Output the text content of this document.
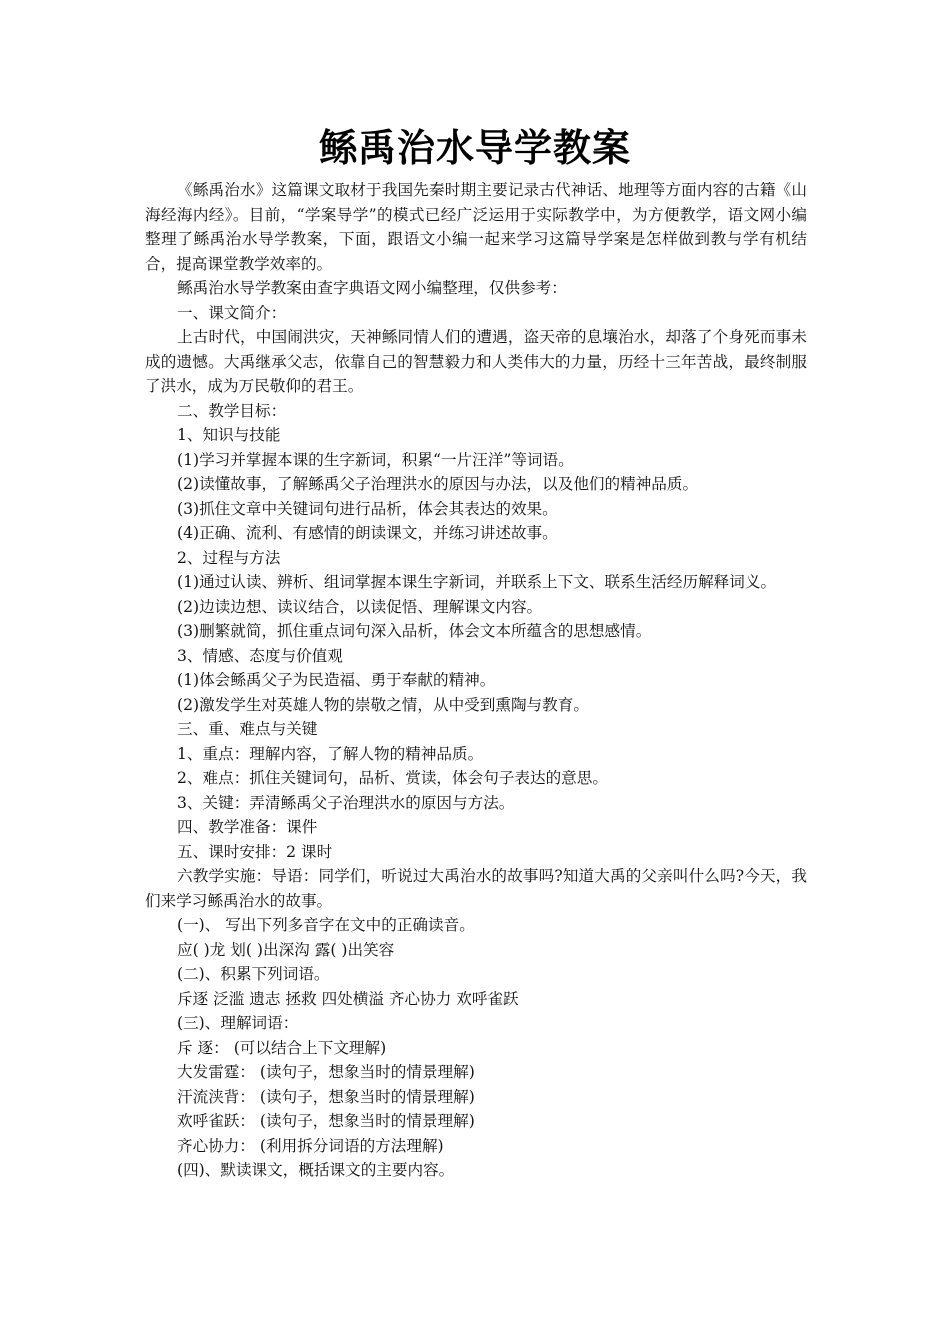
鲧禹治水导学教案

《鲧禹治水》这篇课文取材于我国先秦时期主要记录古代神话、地理等方面内容的古籍《山海经海内经》。目前，“学案导学”的模式已经广泛运用于实际教学中，为方便教学，语文网小编整理了鲧禹治水导学教案，下面，跟语文小编一起来学习这篇导学案是怎样做到教与学有机结合，提高课堂教学效率的。

鲧禹治水导学教案由查字典语文网小编整理，仅供参考：

一、课文简介：

上古时代，中国闹洪灾，天神鲧同情人们的遭遇，盗天帝的息壤治水，却落了个身死而事未成的遗憾。大禹继承父志，依靠自己的智慧毅力和人类伟大的力量，历经十三年苦战，最终制服了洪水，成为万民敬仰的君王。

二、教学目标：

1、知识与技能

(1)学习并掌握本课的生字新词，积累“一片汪洋”等词语。

(2)读懂故事，了解鲧禹父子治理洪水的原因与办法，以及他们的精神品质。

(3)抓住文章中关键词句进行品析，体会其表达的效果。

(4)正确、流利、有感情的朗读课文，并练习讲述故事。

2、过程与方法

(1)通过认读、辨析、组词掌握本课生字新词，并联系上下文、联系生活经历解释词义。

(2)边读边想、读议结合，以读促悟、理解课文内容。

(3)删繁就简，抓住重点词句深入品析，体会文本所蕴含的思想感情。

3、情感、态度与价值观

(1)体会鲧禹父子为民造福、勇于奉献的精神。

(2)激发学生对英雄人物的崇敬之情，从中受到熏陶与教育。

三、重、难点与关键

1、重点：理解内容，了解人物的精神品质。

2、难点：抓住关键词句，品析、赏读，体会句子表达的意思。

3、关键：弄清鲧禹父子治理洪水的原因与方法。

四、教学准备：课件

五、课时安排：2 课时

六教学实施：导语：同学们，听说过大禹治水的故事吗?知道大禹的父亲叫什么吗?今天，我们来学习鲧禹治水的故事。

(一)、 写出下列多音字在文中的正确读音。

应( )龙 划( )出深沟 露( )出笑容

(二)、积累下列词语。

斥逐 泛滥 遗志 拯救 四处横溢 齐心协力 欢呼雀跃

(三)、理解词语：

斥 逐： (可以结合上下文理解)

大发雷霆： (读句子，想象当时的情景理解)

汗流浃背： (读句子，想象当时的情景理解)

欢呼雀跃： (读句子，想象当时的情景理解)

齐心协力： (利用拆分词语的方法理解)

(四)、默读课文，概括课文的主要内容。
